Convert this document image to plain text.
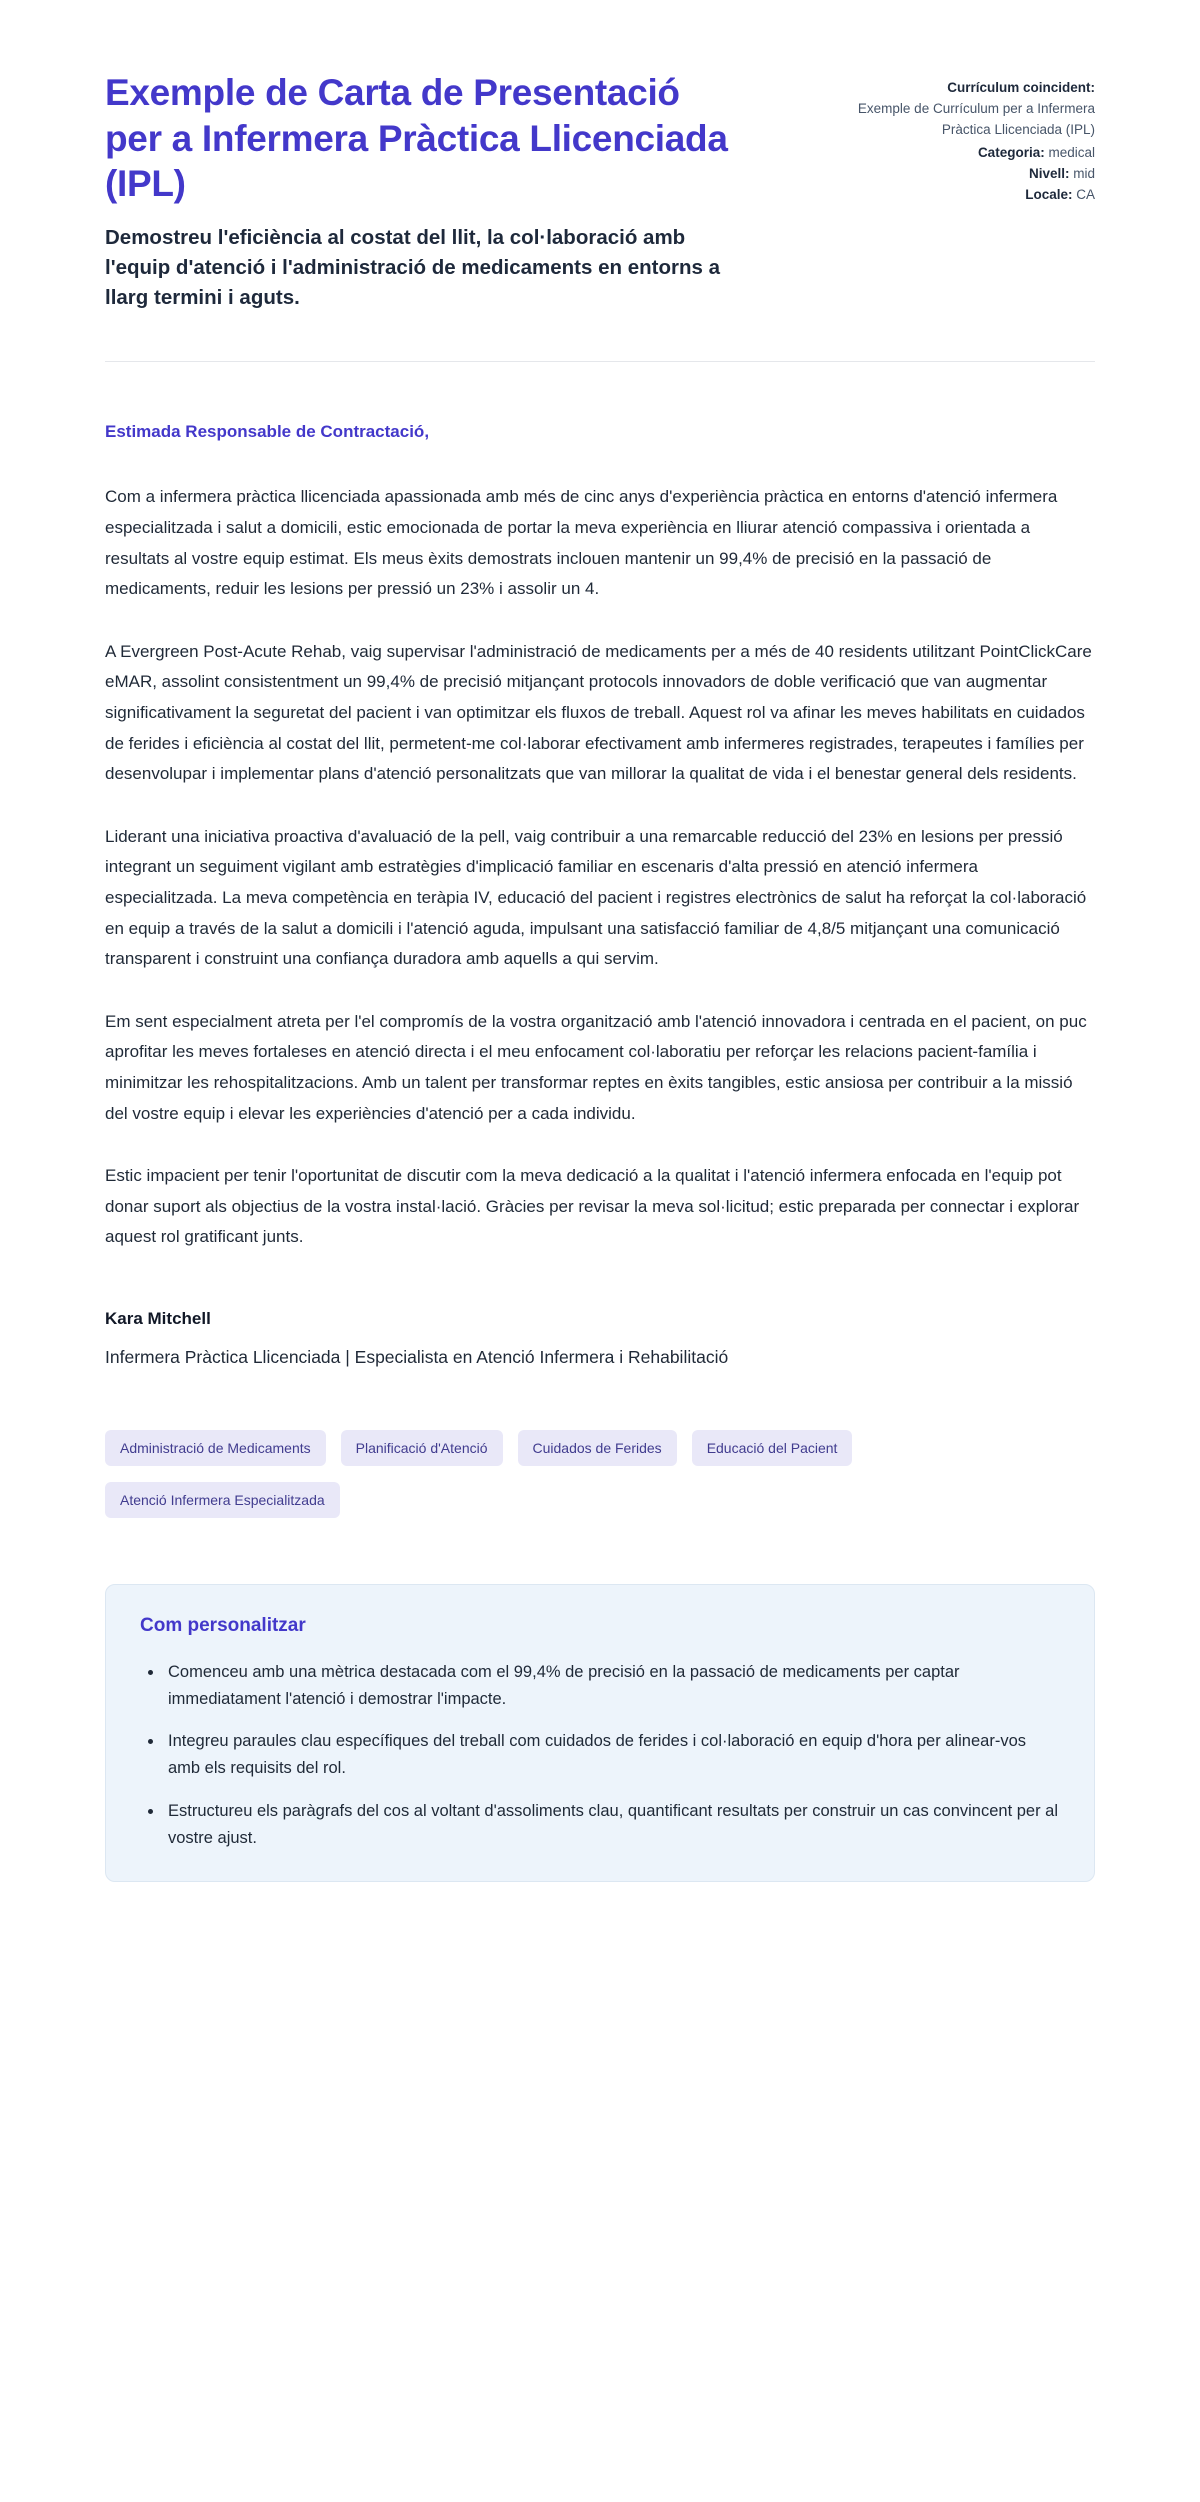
Exemple de Carta de Presentació per a Infermera Pràctica Llicenciada (IPL)

Demostreu l'eficiència al costat del llit, la col·laboració amb l'equip d'atenció i l'administració de medicaments en entorns a llarg termini i aguts.

Currículum coincident:
Exemple de Currículum per a Infermera Pràctica Llicenciada (IPL)
Categoria: medical
Nivell: mid
Locale: CA

Estimada Responsable de Contractació,

Com a infermera pràctica llicenciada apassionada amb més de cinc anys d'experiència pràctica en entorns d'atenció infermera especialitzada i salut a domicili, estic emocionada de portar la meva experiència en lliurar atenció compassiva i orientada a resultats al vostre equip estimat. Els meus èxits demostrats inclouen mantenir un 99,4% de precisió en la passació de medicaments, reduir les lesions per pressió un 23% i assolir un 4.

A Evergreen Post-Acute Rehab, vaig supervisar l'administració de medicaments per a més de 40 residents utilitzant PointClickCare eMAR, assolint consistentment un 99,4% de precisió mitjançant protocols innovadors de doble verificació que van augmentar significativament la seguretat del pacient i van optimitzar els fluxos de treball. Aquest rol va afinar les meves habilitats en cuidados de ferides i eficiència al costat del llit, permetent-me col·laborar efectivament amb infermeres registrades, terapeutes i famílies per desenvolupar i implementar plans d'atenció personalitzats que van millorar la qualitat de vida i el benestar general dels residents.

Liderant una iniciativa proactiva d'avaluació de la pell, vaig contribuir a una remarcable reducció del 23% en lesions per pressió integrant un seguiment vigilant amb estratègies d'implicació familiar en escenaris d'alta pressió en atenció infermera especialitzada. La meva competència en teràpia IV, educació del pacient i registres electrònics de salut ha reforçat la col·laboració en equip a través de la salut a domicili i l'atenció aguda, impulsant una satisfacció familiar de 4,8/5 mitjançant una comunicació transparent i construint una confiança duradora amb aquells a qui servim.

Em sent especialment atreta per l'el compromís de la vostra organització amb l'atenció innovadora i centrada en el pacient, on puc aprofitar les meves fortaleses en atenció directa i el meu enfocament col·laboratiu per reforçar les relacions pacient-família i minimitzar les rehospitalitzacions. Amb un talent per transformar reptes en èxits tangibles, estic ansiosa per contribuir a la missió del vostre equip i elevar les experiències d'atenció per a cada individu.

Estic impacient per tenir l'oportunitat de discutir com la meva dedicació a la qualitat i l'atenció infermera enfocada en l'equip pot donar suport als objectius de la vostra instal·lació. Gràcies per revisar la meva sol·licitud; estic preparada per connectar i explorar aquest rol gratificant junts.

Kara Mitchell

Infermera Pràctica Llicenciada | Especialista en Atenció Infermera i Rehabilitació

Administració de Medicaments	Planificació d'Atenció	Cuidados de Ferides	Educació del Pacient
Atenció Infermera Especialitzada
Com personalitzar
• Comenceu amb una mètrica destacada com el 99,4% de precisió en la passació de medicaments per captar immediatament l'atenció i demostrar l'impacte.
• Integreu paraules clau específiques del treball com cuidados de ferides i col·laboració en equip d'hora per alinear-vos amb els requisits del rol.
• Estructureu els paràgrafs del cos al voltant d'assoliments clau, quantificant resultats per construir un cas convincent per al vostre ajust.
